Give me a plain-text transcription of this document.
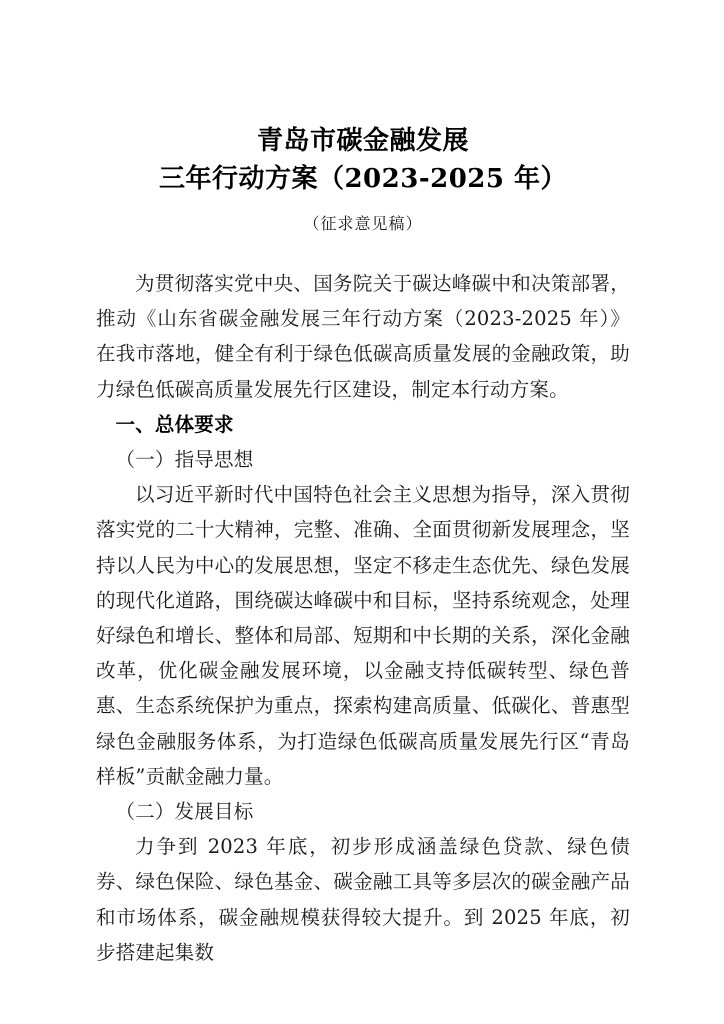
青岛市碳金融发展
三年行动方案（2023-2025 年）
（征求意见稿）

为贯彻落实党中央、国务院关于碳达峰碳中和决策部署，推动《山东省碳金融发展三年行动方案（2023-2025 年）》在我市落地，健全有利于绿色低碳高质量发展的金融政策，助力绿色低碳高质量发展先行区建设，制定本行动方案。

一、总体要求

（一）指导思想

以习近平新时代中国特色社会主义思想为指导，深入贯彻落实党的二十大精神，完整、准确、全面贯彻新发展理念，坚持以人民为中心的发展思想，坚定不移走生态优先、绿色发展的现代化道路，围绕碳达峰碳中和目标，坚持系统观念，处理好绿色和增长、整体和局部、短期和中长期的关系，深化金融改革，优化碳金融发展环境，以金融支持低碳转型、绿色普惠、生态系统保护为重点，探索构建高质量、低碳化、普惠型绿色金融服务体系，为打造绿色低碳高质量发展先行区“青岛样板”贡献金融力量。

（二）发展目标

力争到 2023 年底，初步形成涵盖绿色贷款、绿色债券、绿色保险、绿色基金、碳金融工具等多层次的碳金融产品和市场体系，碳金融规模获得较大提升。到 2025 年底，初步搭建起集数
